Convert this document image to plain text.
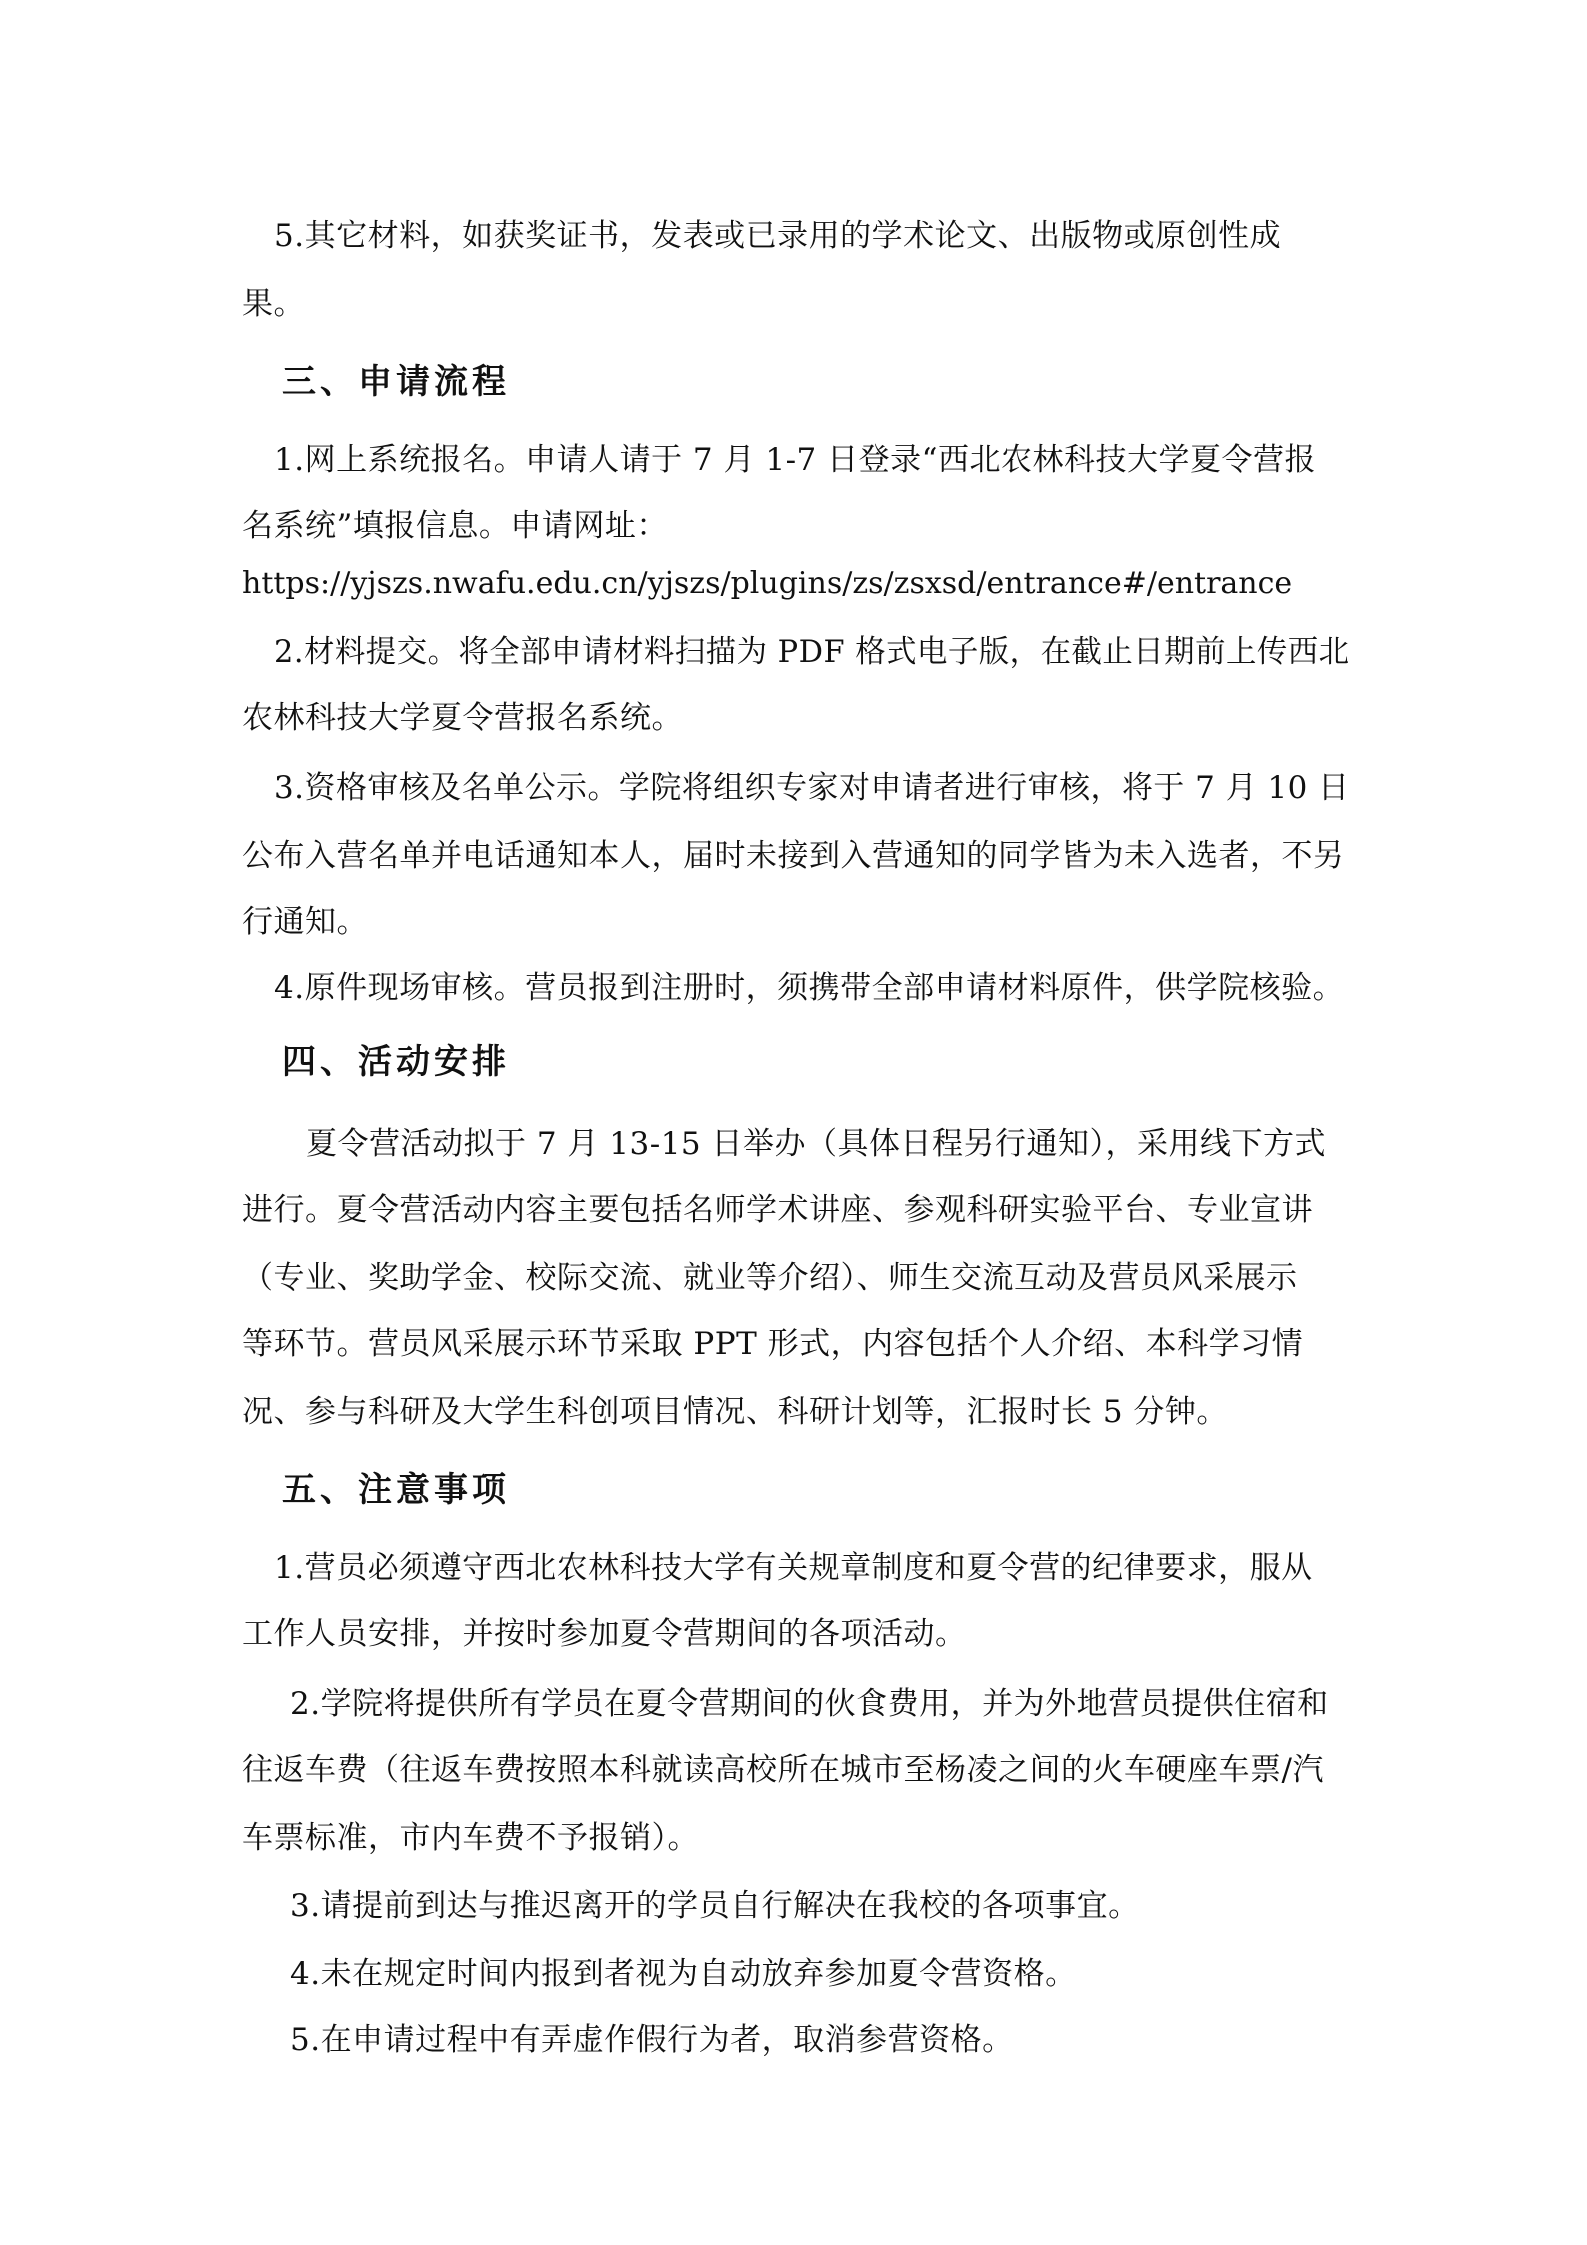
5.其它材料，如获奖证书，发表或已录用的学术论文、出版物或原创性成
果。
三、申请流程
1.网上系统报名。申请人请于 7 月 1-7 日登录“西北农林科技大学夏令营报
名系统”填报信息。申请网址：
https://yjszs.nwafu.edu.cn/yjszs/plugins/zs/zsxsd/entrance#/entrance
2.材料提交。将全部申请材料扫描为 PDF 格式电子版，在截止日期前上传西北
农林科技大学夏令营报名系统。
3.资格审核及名单公示。学院将组织专家对申请者进行审核，将于 7 月 10 日
公布入营名单并电话通知本人，届时未接到入营通知的同学皆为未入选者，不另
行通知。
4.原件现场审核。营员报到注册时，须携带全部申请材料原件，供学院核验。
四、活动安排
夏令营活动拟于 7 月 13-15 日举办（具体日程另行通知），采用线下方式
进行。夏令营活动内容主要包括名师学术讲座、参观科研实验平台、专业宣讲
（专业、奖助学金、校际交流、就业等介绍）、师生交流互动及营员风采展示
等环节。营员风采展示环节采取 PPT 形式，内容包括个人介绍、本科学习情
况、参与科研及大学生科创项目情况、科研计划等，汇报时长 5 分钟。
五、注意事项
1.营员必须遵守西北农林科技大学有关规章制度和夏令营的纪律要求，服从
工作人员安排，并按时参加夏令营期间的各项活动。
2.学院将提供所有学员在夏令营期间的伙食费用，并为外地营员提供住宿和
往返车费（往返车费按照本科就读高校所在城市至杨凌之间的火车硬座车票/汽
车票标准，市内车费不予报销）。
3.请提前到达与推迟离开的学员自行解决在我校的各项事宜。
4.未在规定时间内报到者视为自动放弃参加夏令营资格。
5.在申请过程中有弄虚作假行为者，取消参营资格。
